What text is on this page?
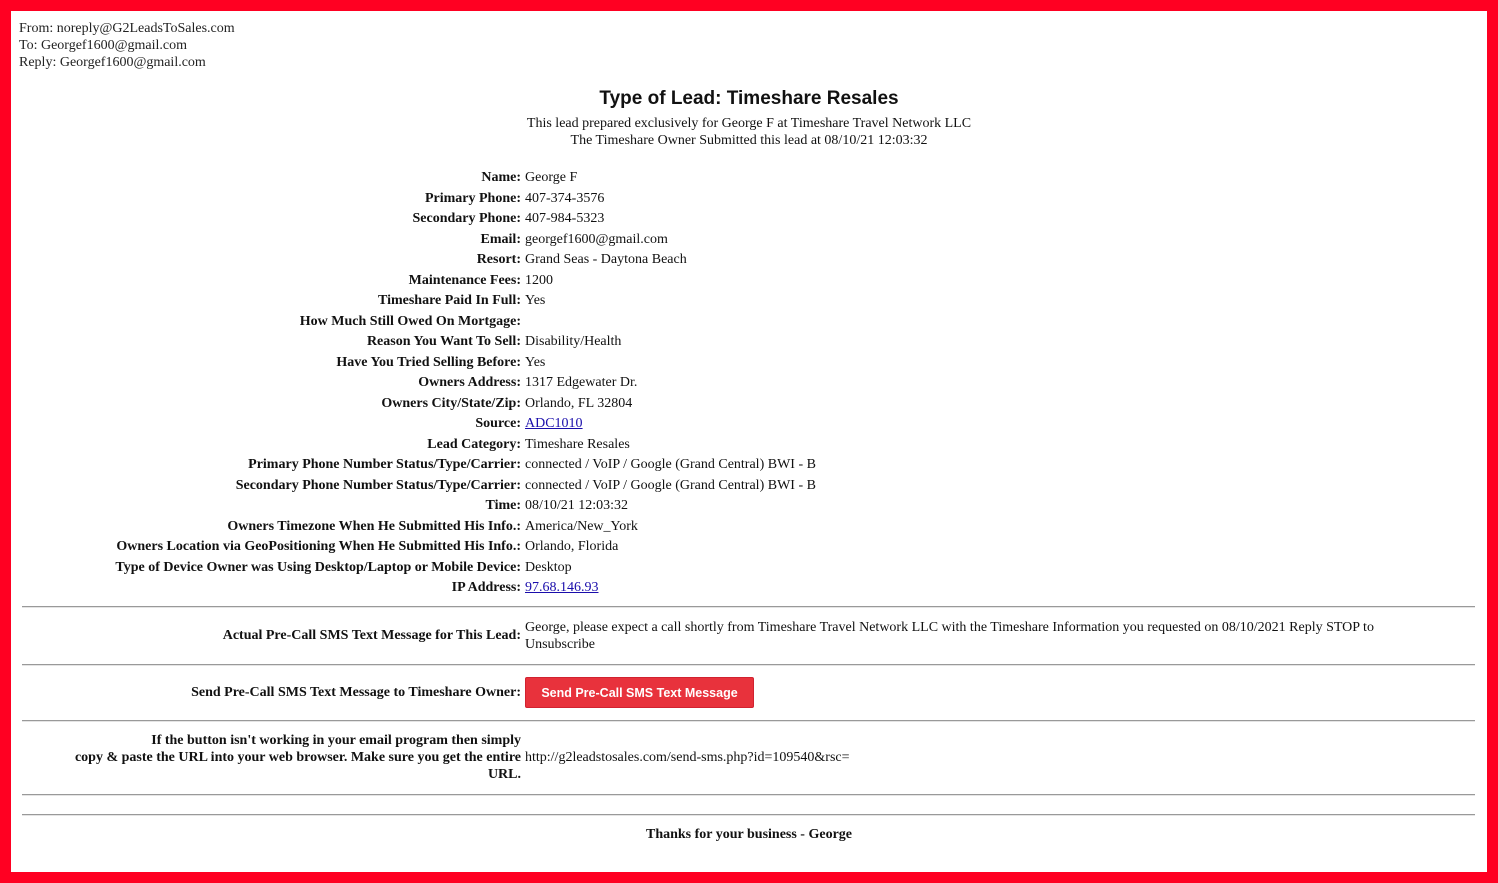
From: noreply@G2LeadsToSales.com
To: Georgef1600@gmail.com
Reply: Georgef1600@gmail.com
Type of Lead: Timeshare Resales
This lead prepared exclusively for George F at Timeshare Travel Network LLC
The Timeshare Owner Submitted this lead at 08/10/21 12:03:32
Name: George F
Primary Phone: 407-374-3576
Secondary Phone: 407-984-5323
Email: georgef1600@gmail.com
Resort: Grand Seas - Daytona Beach
Maintenance Fees: 1200
Timeshare Paid In Full: Yes
How Much Still Owed On Mortgage:
Reason You Want To Sell: Disability/Health
Have You Tried Selling Before: Yes
Owners Address: 1317 Edgewater Dr.
Owners City/State/Zip: Orlando, FL 32804
Source: ADC1010
Lead Category: Timeshare Resales
Primary Phone Number Status/Type/Carrier: connected / VoIP / Google (Grand Central) BWI - B
Secondary Phone Number Status/Type/Carrier: connected / VoIP / Google (Grand Central) BWI - B
Time: 08/10/21 12:03:32
Owners Timezone When He Submitted His Info.: America/New_York
Owners Location via GeoPositioning When He Submitted His Info.: Orlando, Florida
Type of Device Owner was Using Desktop/Laptop or Mobile Device: Desktop
IP Address: 97.68.146.93
Actual Pre-Call SMS Text Message for This Lead:
George, please expect a call shortly from Timeshare Travel Network LLC with the Timeshare Information you requested on 08/10/2021 Reply STOP to
Unsubscribe
Send Pre-Call SMS Text Message to Timeshare Owner:	Send Pre-Call SMS Text Message
If the button isn't working in your email program then simply
copy & paste the URL into your web browser. Make sure you get the entire
URL.
http://g2leadstosales.com/send-sms.php?id=109540&rsc=
Thanks for your business - George
